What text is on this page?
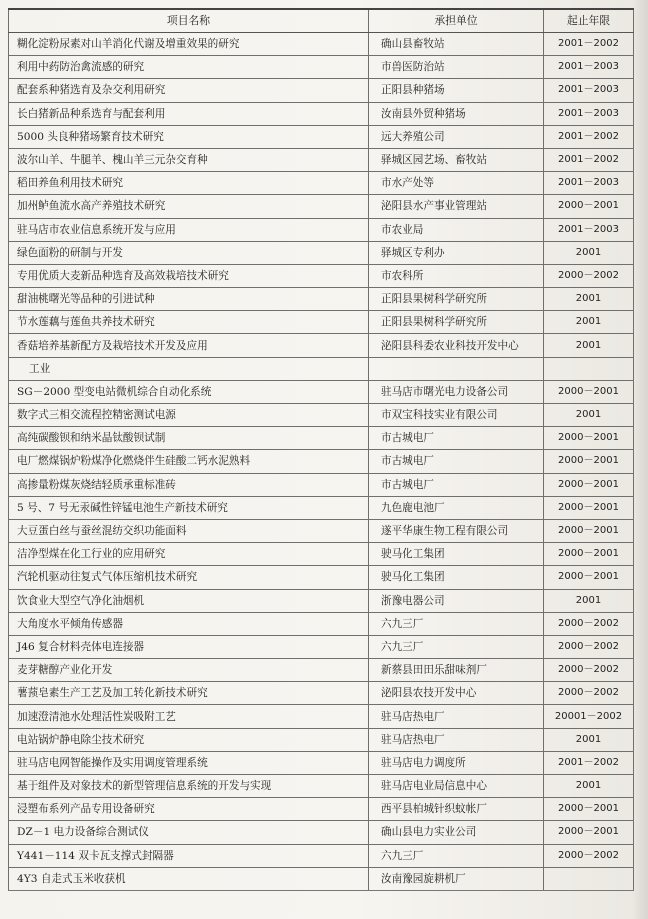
项目名称	承担单位	起止年限
糊化淀粉尿素对山羊消化代谢及增重效果的研究	确山县畜牧站	2001－2002
利用中药防治禽流感的研究	市兽医防治站	2001－2003
配套系种猪选育及杂交利用研究	正阳县种猪场	2001－2003
长白猪新品种系选育与配套利用	汝南县外贸种猪场	2001－2003
5000 头良种猪场繁育技术研究	远大养殖公司	2001－2002
波尔山羊、牛腿羊、槐山羊三元杂交育种	驿城区园艺场、畜牧站	2001－2002
稻田养鱼利用技术研究	市水产处等	2001－2003
加州鲈鱼流水高产养殖技术研究	泌阳县水产事业管理站	2000－2001
驻马店市农业信息系统开发与应用	市农业局	2001－2003
绿色面粉的研制与开发	驿城区专利办	2001
专用优质大麦新品种选育及高效栽培技术研究	市农科所	2000－2002
甜油桃曙光等品种的引进试种	正阳县果树科学研究所	2001
节水莲藕与莲鱼共养技术研究	正阳县果树科学研究所	2001
香菇培养基新配方及栽培技术开发及应用	泌阳县科委农业科技开发中心	2001
工业		
SG－2000 型变电站微机综合自动化系统	驻马店市曙光电力设备公司	2000－2001
数字式三相交流程控精密测试电源	市双宝科技实业有限公司	2001
高纯碳酸钡和纳米晶钛酸钡试制	市古城电厂	2000－2001
电厂燃煤锅炉粉煤净化燃烧伴生硅酸二钙水泥熟料	市古城电厂	2000－2001
高掺量粉煤灰烧结轻质承重标准砖	市古城电厂	2000－2001
5 号、7 号无汞碱性锌锰电池生产新技术研究	九色鹿电池厂	2000－2001
大豆蛋白丝与蚕丝混纺交织功能面料	遂平华康生物工程有限公司	2000－2001
洁净型煤在化工行业的应用研究	驶马化工集团	2000－2001
汽轮机驱动往复式气体压缩机技术研究	驶马化工集团	2000－2001
饮食业大型空气净化油烟机	浙豫电器公司	2001
大角度水平倾角传感器	六九三厂	2000－2002
J46 复合材料壳体电连接器	六九三厂	2000－2002
麦芽糖醇产业化开发	新蔡县田田乐甜味剂厂	2000－2002
薯蓣皂素生产工艺及加工转化新技术研究	泌阳县农技开发中心	2000－2002
加速澄清池水处理活性炭吸附工艺	驻马店热电厂	20001－2002
电站锅炉静电除尘技术研究	驻马店热电厂	2001
驻马店电网智能操作及实用调度管理系统	驻马店电力调度所	2001－2002
基于组件及对象技术的新型管理信息系统的开发与实现	驻马店电业局信息中心	2001
浸塑布系列产品专用设备研究	西平县柏城针织蚊帐厂	2000－2001
DZ－1 电力设备综合测试仪	确山县电力实业公司	2000－2001
Y441－114 双卡瓦支撑式封隔器	六九三厂	2000－2002
4Y3 自走式玉米收获机	汝南豫园旋耕机厂	
